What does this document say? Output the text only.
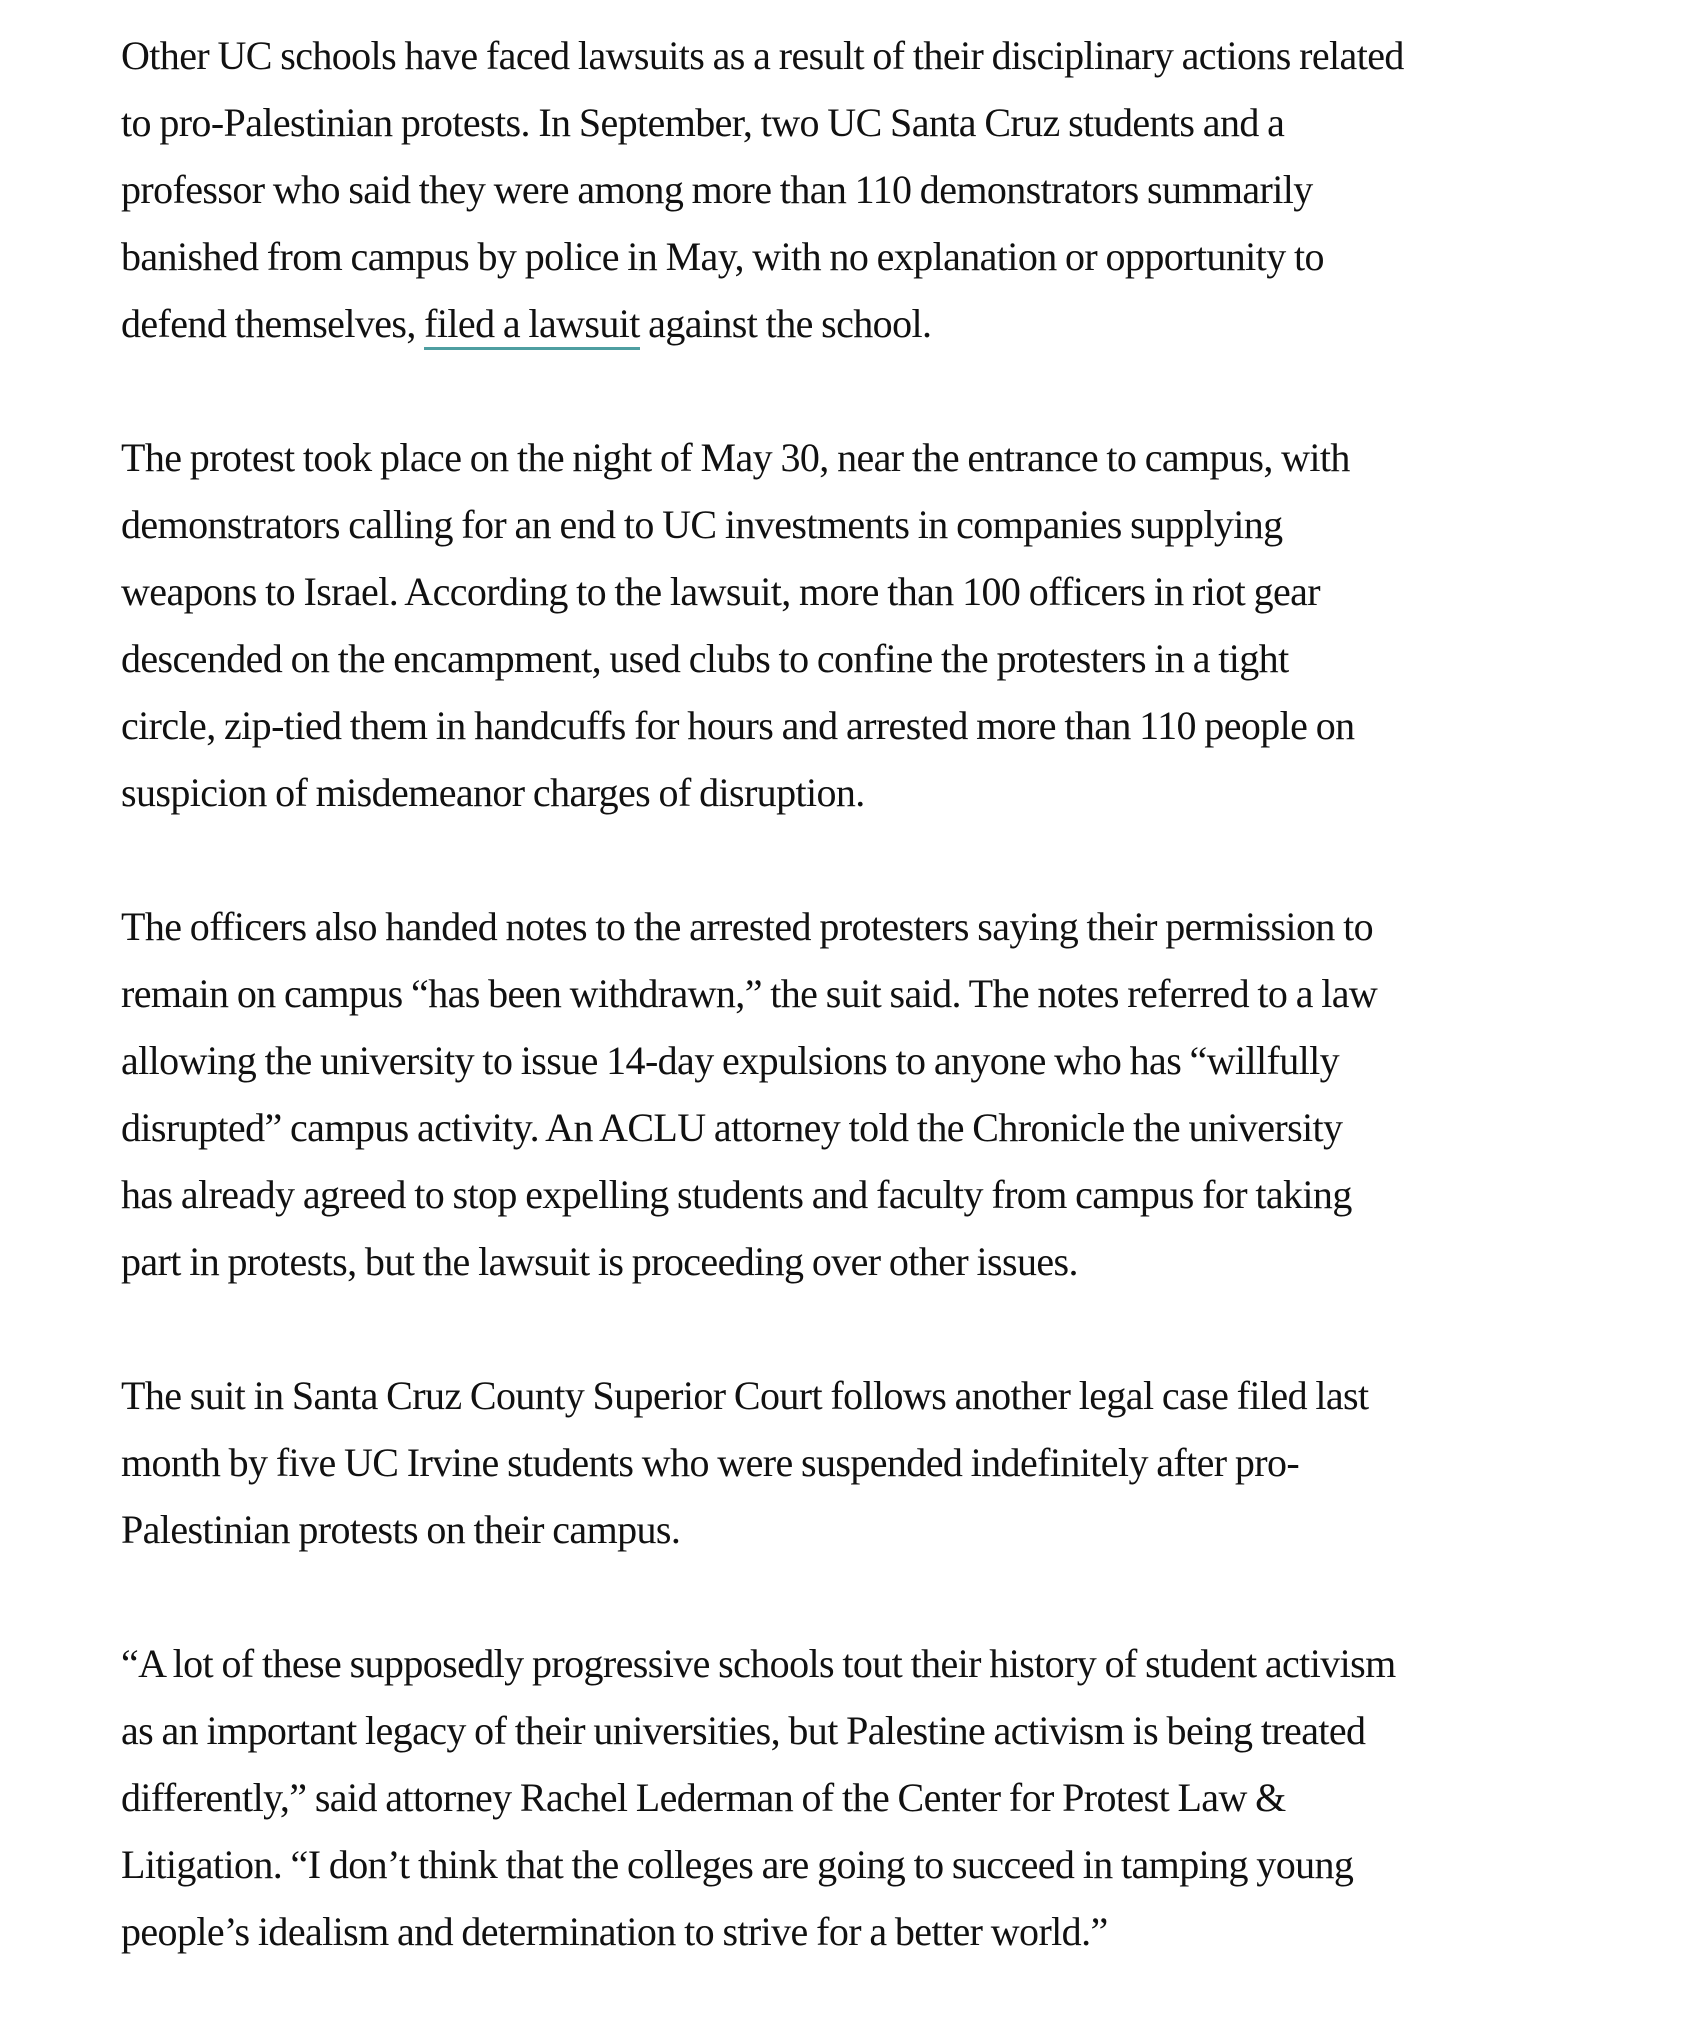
Other UC schools have faced lawsuits as a result of their disciplinary actions related
to pro-Palestinian protests. In September, two UC Santa Cruz students and a
professor who said they were among more than 110 demonstrators summarily
banished from campus by police in May, with no explanation or opportunity to
defend themselves, filed a lawsuit against the school.

The protest took place on the night of May 30, near the entrance to campus, with
demonstrators calling for an end to UC investments in companies supplying
weapons to Israel. According to the lawsuit, more than 100 officers in riot gear
descended on the encampment, used clubs to confine the protesters in a tight
circle, zip-tied them in handcuffs for hours and arrested more than 110 people on
suspicion of misdemeanor charges of disruption.

The officers also handed notes to the arrested protesters saying their permission to
remain on campus “has been withdrawn,” the suit said. The notes referred to a law
allowing the university to issue 14-day expulsions to anyone who has “willfully
disrupted” campus activity. An ACLU attorney told the Chronicle the university
has already agreed to stop expelling students and faculty from campus for taking
part in protests, but the lawsuit is proceeding over other issues.

The suit in Santa Cruz County Superior Court follows another legal case filed last
month by five UC Irvine students who were suspended indefinitely after pro-
Palestinian protests on their campus.

“A lot of these supposedly progressive schools tout their history of student activism
as an important legacy of their universities, but Palestine activism is being treated
differently,” said attorney Rachel Lederman of the Center for Protest Law &
Litigation. “I don’t think that the colleges are going to succeed in tamping young
people’s idealism and determination to strive for a better world.”
